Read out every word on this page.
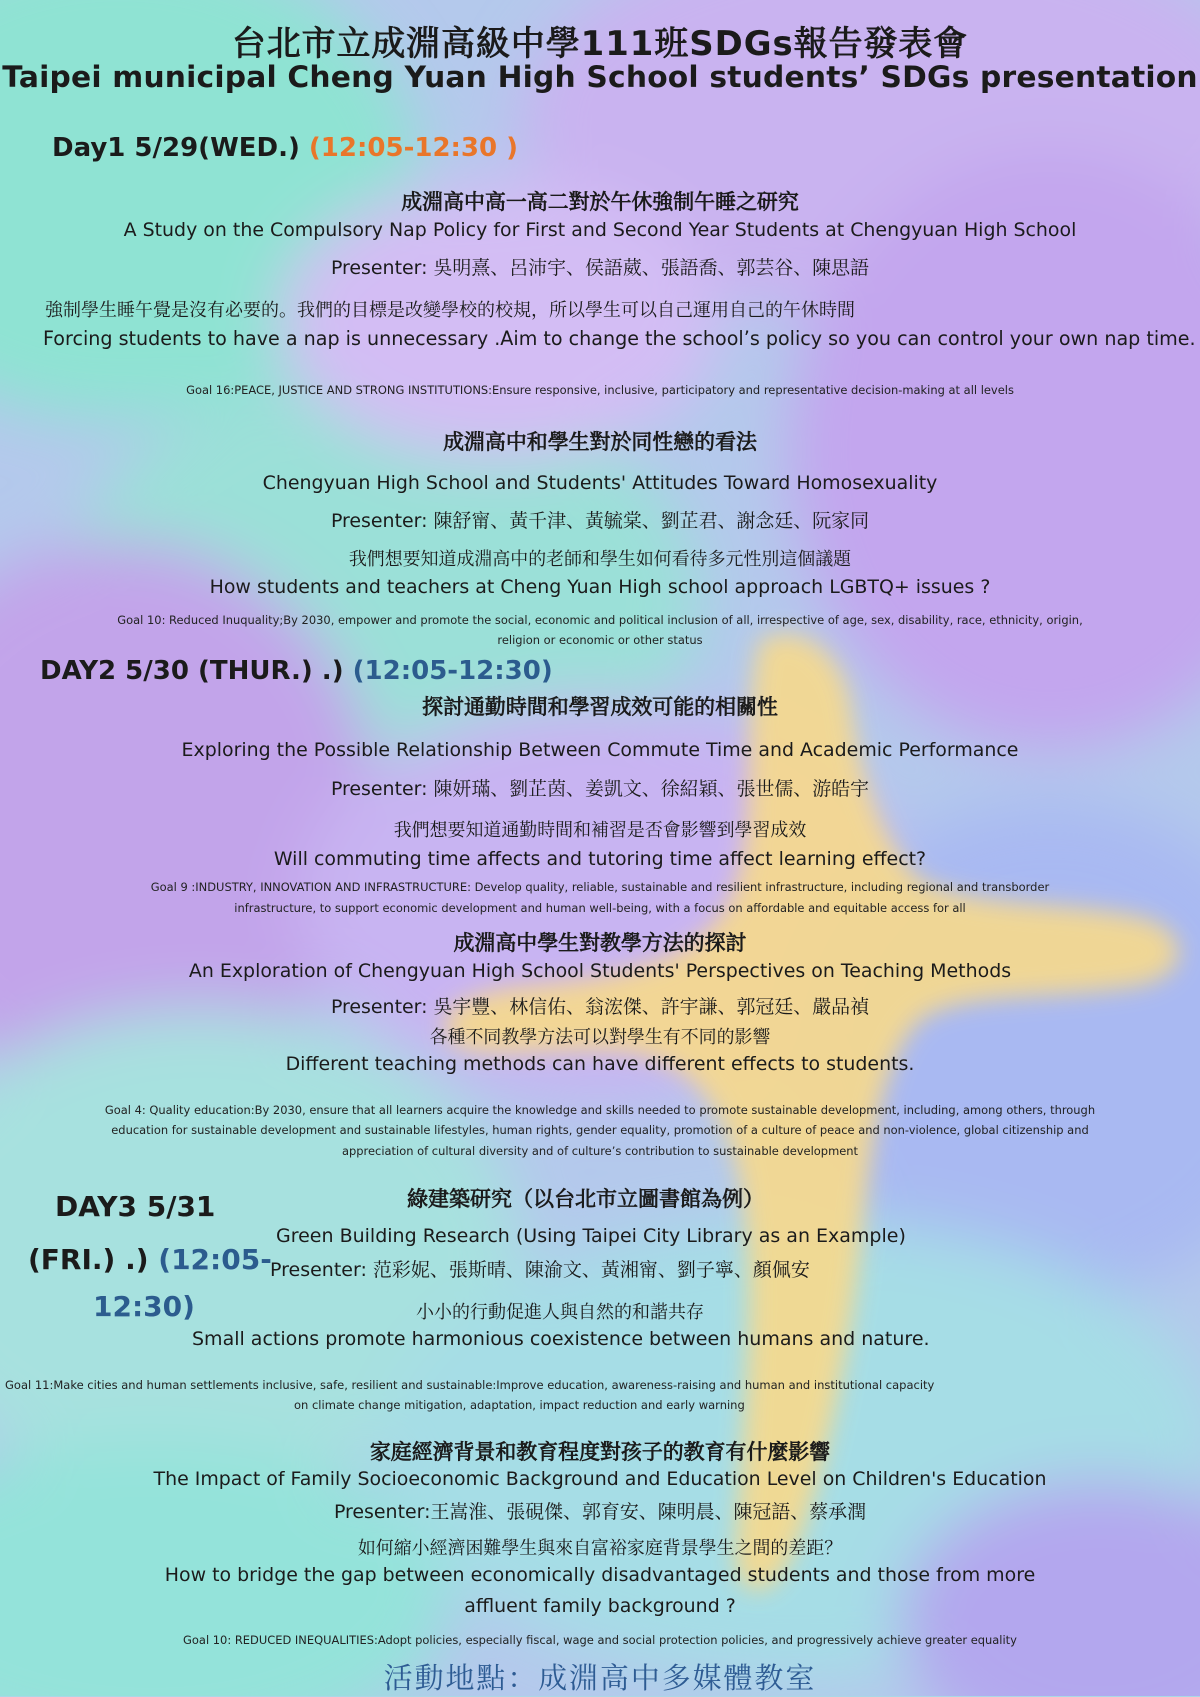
台北市立成淵高級中學111班SDGs報告發表會
Taipei municipal Cheng Yuan High School students’ SDGs presentation
Day1 5/29(WED.) (12:05-12:30 )
成淵高中高一高二對於午休強制午睡之研究
A Study on the Compulsory Nap Policy for First and Second Year Students at Chengyuan High School
Presenter: 吳明熹、呂沛宇、侯語葳、張語喬、郭芸谷、陳思語
強制學生睡午覺是沒有必要的。我們的目標是改變學校的校規，所以學生可以自己運用自己的午休時間
Forcing students to have a nap is unnecessary .Aim to change the school’s policy so you can control your own nap time.
Goal 16:PEACE, JUSTICE AND STRONG INSTITUTIONS:Ensure responsive, inclusive, participatory and representative decision-making at all levels
成淵高中和學生對於同性戀的看法
Chengyuan High School and Students' Attitudes Toward Homosexuality
Presenter: 陳舒甯、黃千津、黃毓棠、劉芷君、謝念廷、阮家同
我們想要知道成淵高中的老師和學生如何看待多元性別這個議題
How students and teachers at Cheng Yuan High school approach LGBTQ+ issues ?
Goal 10: Reduced Inuquality;By 2030, empower and promote the social, economic and political inclusion of all, irrespective of age, sex, disability, race, ethnicity, origin,
religion or economic or other status
DAY2 5/30 (THUR.) .) (12:05-12:30)
探討通勤時間和學習成效可能的相關性
Exploring the Possible Relationship Between Commute Time and Academic Performance
Presenter: 陳妍璊、劉芷茵、姜凱文、徐紹穎、張世儒、游皓宇
我們想要知道通勤時間和補習是否會影響到學習成效
Will commuting time affects and tutoring time affect learning effect?
Goal 9 :INDUSTRY, INNOVATION AND INFRASTRUCTURE: Develop quality, reliable, sustainable and resilient infrastructure, including regional and transborder
infrastructure, to support economic development and human well-being, with a focus on affordable and equitable access for all
成淵高中學生對教學方法的探討
An Exploration of Chengyuan High School Students' Perspectives on Teaching Methods
Presenter: 吳宇豐、林信佑、翁浤傑、許宇謙、郭冠廷、嚴品禎
各種不同教學方法可以對學生有不同的影響
Different teaching methods can have different effects to students.
Goal 4: Quality education:By 2030, ensure that all learners acquire the knowledge and skills needed to promote sustainable development, including, among others, through
education for sustainable development and sustainable lifestyles, human rights, gender equality, promotion of a culture of peace and non-violence, global citizenship and
appreciation of cultural diversity and of culture’s contribution to sustainable development
DAY3 5/31
(FRI.) .) (12:05-
12:30)
綠建築研究（以台北市立圖書館為例）
Green Building Research (Using Taipei City Library as an Example)
Presenter: 范彩妮、張斯晴、陳渝文、黃湘甯、劉子寧、顏佩安
小小的行動促進人與自然的和諧共存
Small actions promote harmonious coexistence between humans and nature.
Goal 11:Make cities and human settlements inclusive, safe, resilient and sustainable:Improve education, awareness-raising and human and institutional capacity
on climate change mitigation, adaptation, impact reduction and early warning
家庭經濟背景和教育程度對孩子的教育有什麼影響
The Impact of Family Socioeconomic Background and Education Level on Children's Education
Presenter:王嵩淮、張硯傑、郭育安、陳明晨、陳冠語、蔡承潤
如何縮小經濟困難學生與來自富裕家庭背景學生之間的差距？
How to bridge the gap between economically disadvantaged students and those from more
affluent family background ?
Goal 10: REDUCED INEQUALITIES:Adopt policies, especially fiscal, wage and social protection policies, and progressively achieve greater equality
活動地點：成淵高中多媒體教室
